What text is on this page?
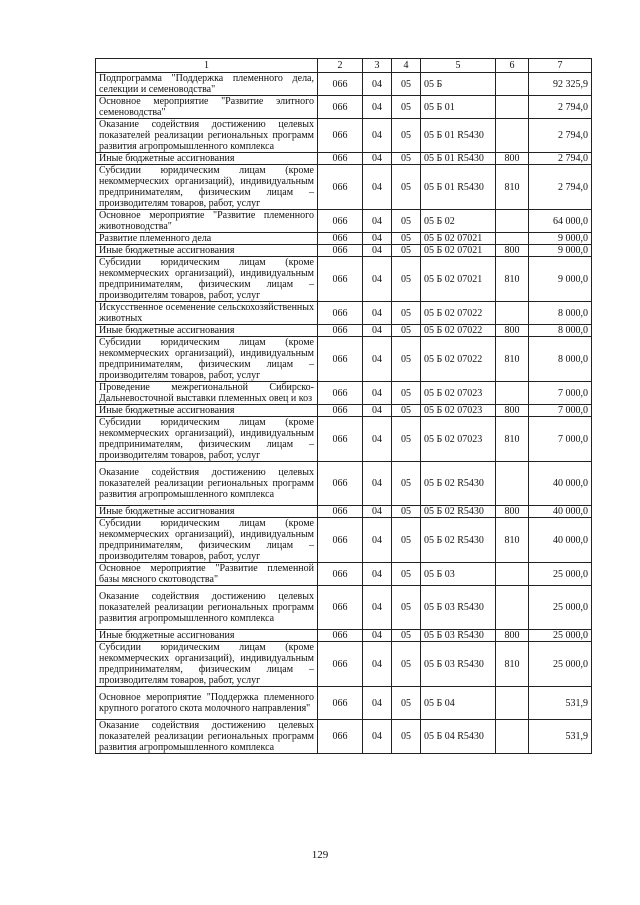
1	2	3	4	5	6	7
Подпрограмма "Поддержка племенного дела, селекции и семеноводства"	066	04	05	05 Б		92 325,9
Основное мероприятие "Развитие элитного семеноводства"	066	04	05	05 Б 01		2 794,0
Оказание содействия достижению целевых показателей реализации региональных программ развития агропромышленного комплекса	066	04	05	05 Б 01 R5430		2 794,0
Иные бюджетные ассигнования	066	04	05	05 Б 01 R5430	800	2 794,0
Субсидии юридическим лицам (кроме некоммерческих организаций), индивидуальным предпринимателям, физическим лицам – производителям товаров, работ, услуг	066	04	05	05 Б 01 R5430	810	2 794,0
Основное мероприятие "Развитие племенного животноводства"	066	04	05	05 Б 02		64 000,0
Развитие племенного дела	066	04	05	05 Б 02 07021		9 000,0
Иные бюджетные ассигнования	066	04	05	05 Б 02 07021	800	9 000,0
Субсидии юридическим лицам (кроме некоммерческих организаций), индивидуальным предпринимателям, физическим лицам – производителям товаров, работ, услуг	066	04	05	05 Б 02 07021	810	9 000,0
Искусственное осеменение сельскохозяйственных животных	066	04	05	05 Б 02 07022		8 000,0
Иные бюджетные ассигнования	066	04	05	05 Б 02 07022	800	8 000,0
Субсидии юридическим лицам (кроме некоммерческих организаций), индивидуальным предпринимателям, физическим лицам – производителям товаров, работ, услуг	066	04	05	05 Б 02 07022	810	8 000,0
Проведение межрегиональной Сибирско-Дальневосточной выставки племенных овец и коз	066	04	05	05 Б 02 07023		7 000,0
Иные бюджетные ассигнования	066	04	05	05 Б 02 07023	800	7 000,0
Субсидии юридическим лицам (кроме некоммерческих организаций), индивидуальным предпринимателям, физическим лицам – производителям товаров, работ, услуг	066	04	05	05 Б 02 07023	810	7 000,0
Оказание содействия достижению целевых показателей реализации региональных программ развития агропромышленного комплекса	066	04	05	05 Б 02 R5430		40 000,0
Иные бюджетные ассигнования	066	04	05	05 Б 02 R5430	800	40 000,0
Субсидии юридическим лицам (кроме некоммерческих организаций), индивидуальным предпринимателям, физическим лицам – производителям товаров, работ, услуг	066	04	05	05 Б 02 R5430	810	40 000,0
Основное мероприятие "Развитие племенной базы мясного скотоводства"	066	04	05	05 Б 03		25 000,0
Оказание содействия достижению целевых показателей реализации региональных программ развития агропромышленного комплекса	066	04	05	05 Б 03 R5430		25 000,0
Иные бюджетные ассигнования	066	04	05	05 Б 03 R5430	800	25 000,0
Субсидии юридическим лицам (кроме некоммерческих организаций), индивидуальным предпринимателям, физическим лицам – производителям товаров, работ, услуг	066	04	05	05 Б 03 R5430	810	25 000,0
Основное мероприятие "Поддержка племенного крупного рогатого скота молочного направления"	066	04	05	05 Б 04		531,9
Оказание содействия достижению целевых показателей реализации региональных программ развития агропромышленного комплекса	066	04	05	05 Б 04 R5430		531,9
129
